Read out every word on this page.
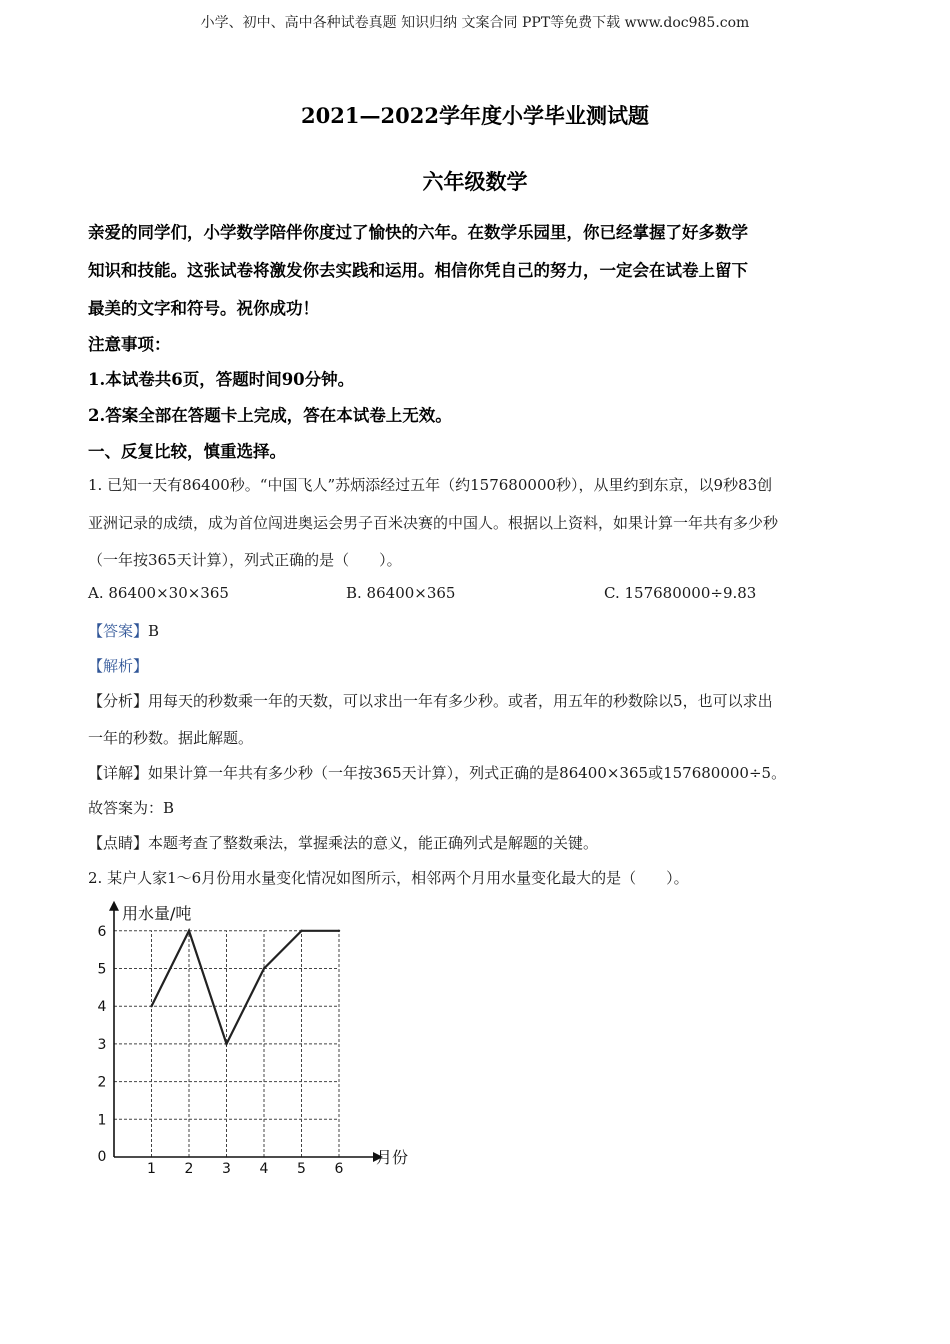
小学、初中、高中各种试卷真题 知识归纳 文案合同 PPT等免费下载 www.doc985.com
2021—2022学年度小学毕业测试题
六年级数学
亲爱的同学们，小学数学陪伴你度过了愉快的六年。在数学乐园里，你已经掌握了好多数学
知识和技能。这张试卷将激发你去实践和运用。相信你凭自己的努力，一定会在试卷上留下
最美的文字和符号。祝你成功！
注意事项：
1.本试卷共6页，答题时间90分钟。
2.答案全部在答题卡上完成，答在本试卷上无效。
一、反复比较，慎重选择。
1. 已知一天有86400秒。“中国飞人”苏炳添经过五年（约157680000秒），从里约到东京，以9秒83创
亚洲记录的成绩，成为首位闯进奥运会男子百米决赛的中国人。根据以上资料，如果计算一年共有多少秒
（一年按365天计算），列式正确的是（　　）。
A. 86400×30×365	B. 86400×365	C. 157680000÷9.83
【答案】B
【解析】
【分析】用每天的秒数乘一年的天数，可以求出一年有多少秒。或者，用五年的秒数除以5，也可以求出
一年的秒数。据此解题。
【详解】如果计算一年共有多少秒（一年按365天计算），列式正确的是86400×365或157680000÷5。
故答案为：B
【点睛】本题考查了整数乘法，掌握乘法的意义，能正确列式是解题的关键。
2. 某户人家1～6月份用水量变化情况如图所示，相邻两个月用水量变化最大的是（　　）。
1 2 3 4 5 6
0
1
2
3
4
5
6
用水量/吨
月份
